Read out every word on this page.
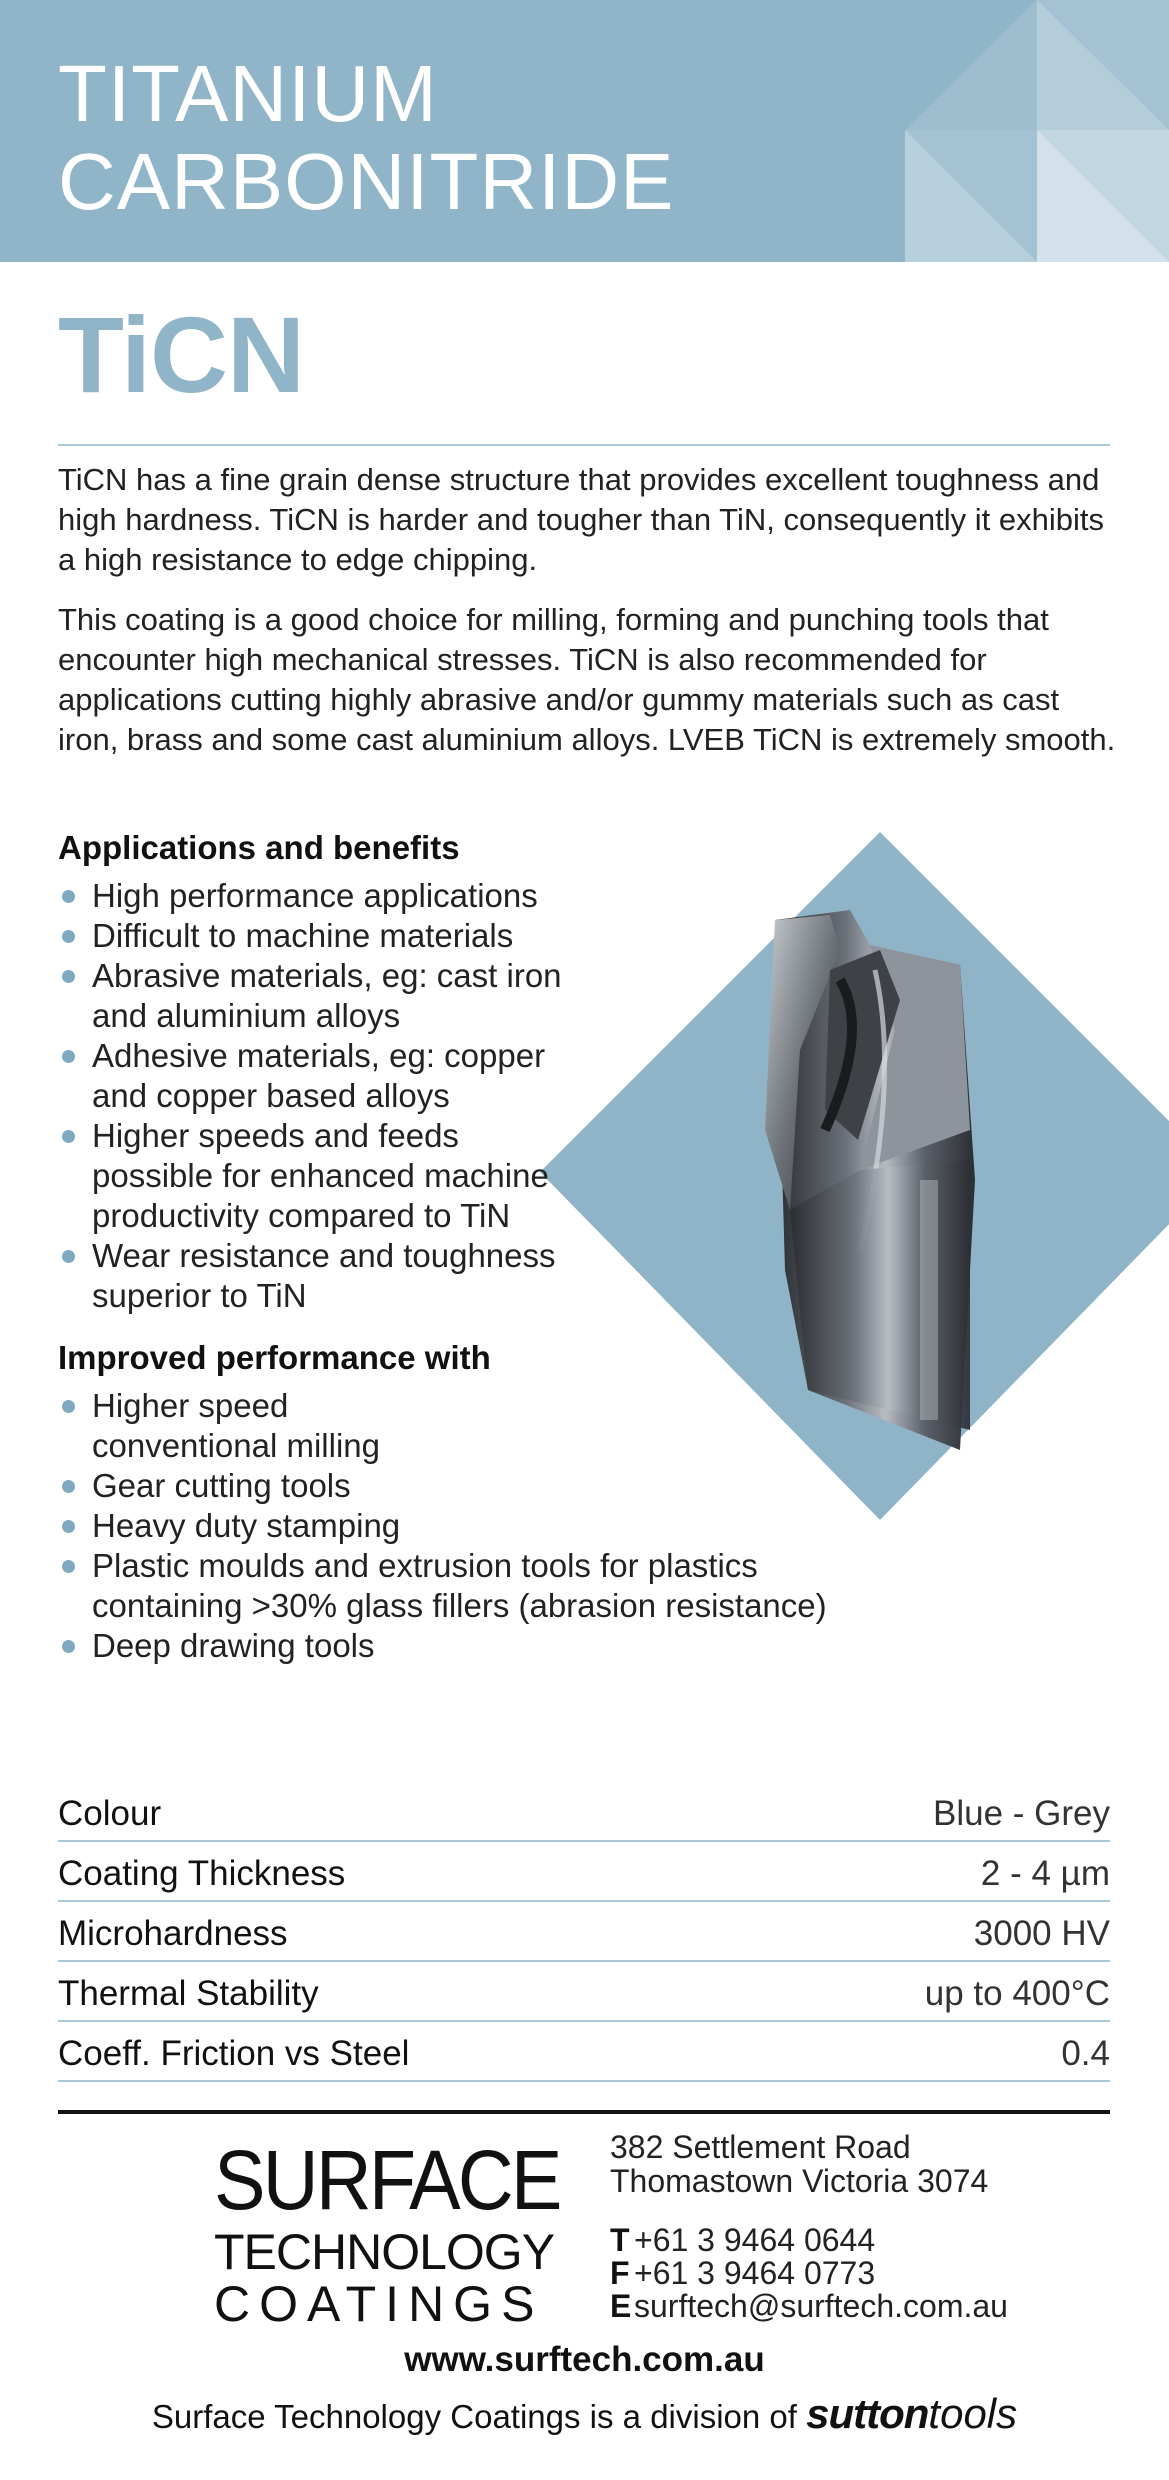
TITANIUM
CARBONITRIDE
TiCN

TiCN has a fine grain dense structure that provides excellent toughness and high hardness. TiCN is harder and tougher than TiN, consequently it exhibits a high resistance to edge chipping.

This coating is a good choice for milling, forming and punching tools that encounter high mechanical stresses. TiCN is also recommended for applications cutting highly abrasive and/or gummy materials such as cast iron, brass and some cast aluminium alloys. LVEB TiCN is extremely smooth.

Applications and benefits
High performance applications
Difficult to machine materials
Abrasive materials, eg: cast iron and aluminium alloys
Adhesive materials, eg: copper and copper based alloys
Higher speeds and feeds possible for enhanced machine productivity compared to TiN
Wear resistance and toughness superior to TiN
Improved performance with
Higher speed conventional milling
Gear cutting tools
Heavy duty stamping
Plastic moulds and extrusion tools for plastics containing >30% glass fillers (abrasion resistance)
Deep drawing tools
Colour	Blue - Grey
Coating Thickness	2 - 4 µm
Microhardness	3000 HV
Thermal Stability	up to 400°C
Coeff. Friction vs Steel	0.4
SURFACE
TECHNOLOGY
COATINGS
382 Settlement Road
Thomastown Victoria 3074
T +61 3 9464 0644
F +61 3 9464 0773
Esurftech@surftech.com.au
www.surftech.com.au
Surface Technology Coatings is a division of suttontools
